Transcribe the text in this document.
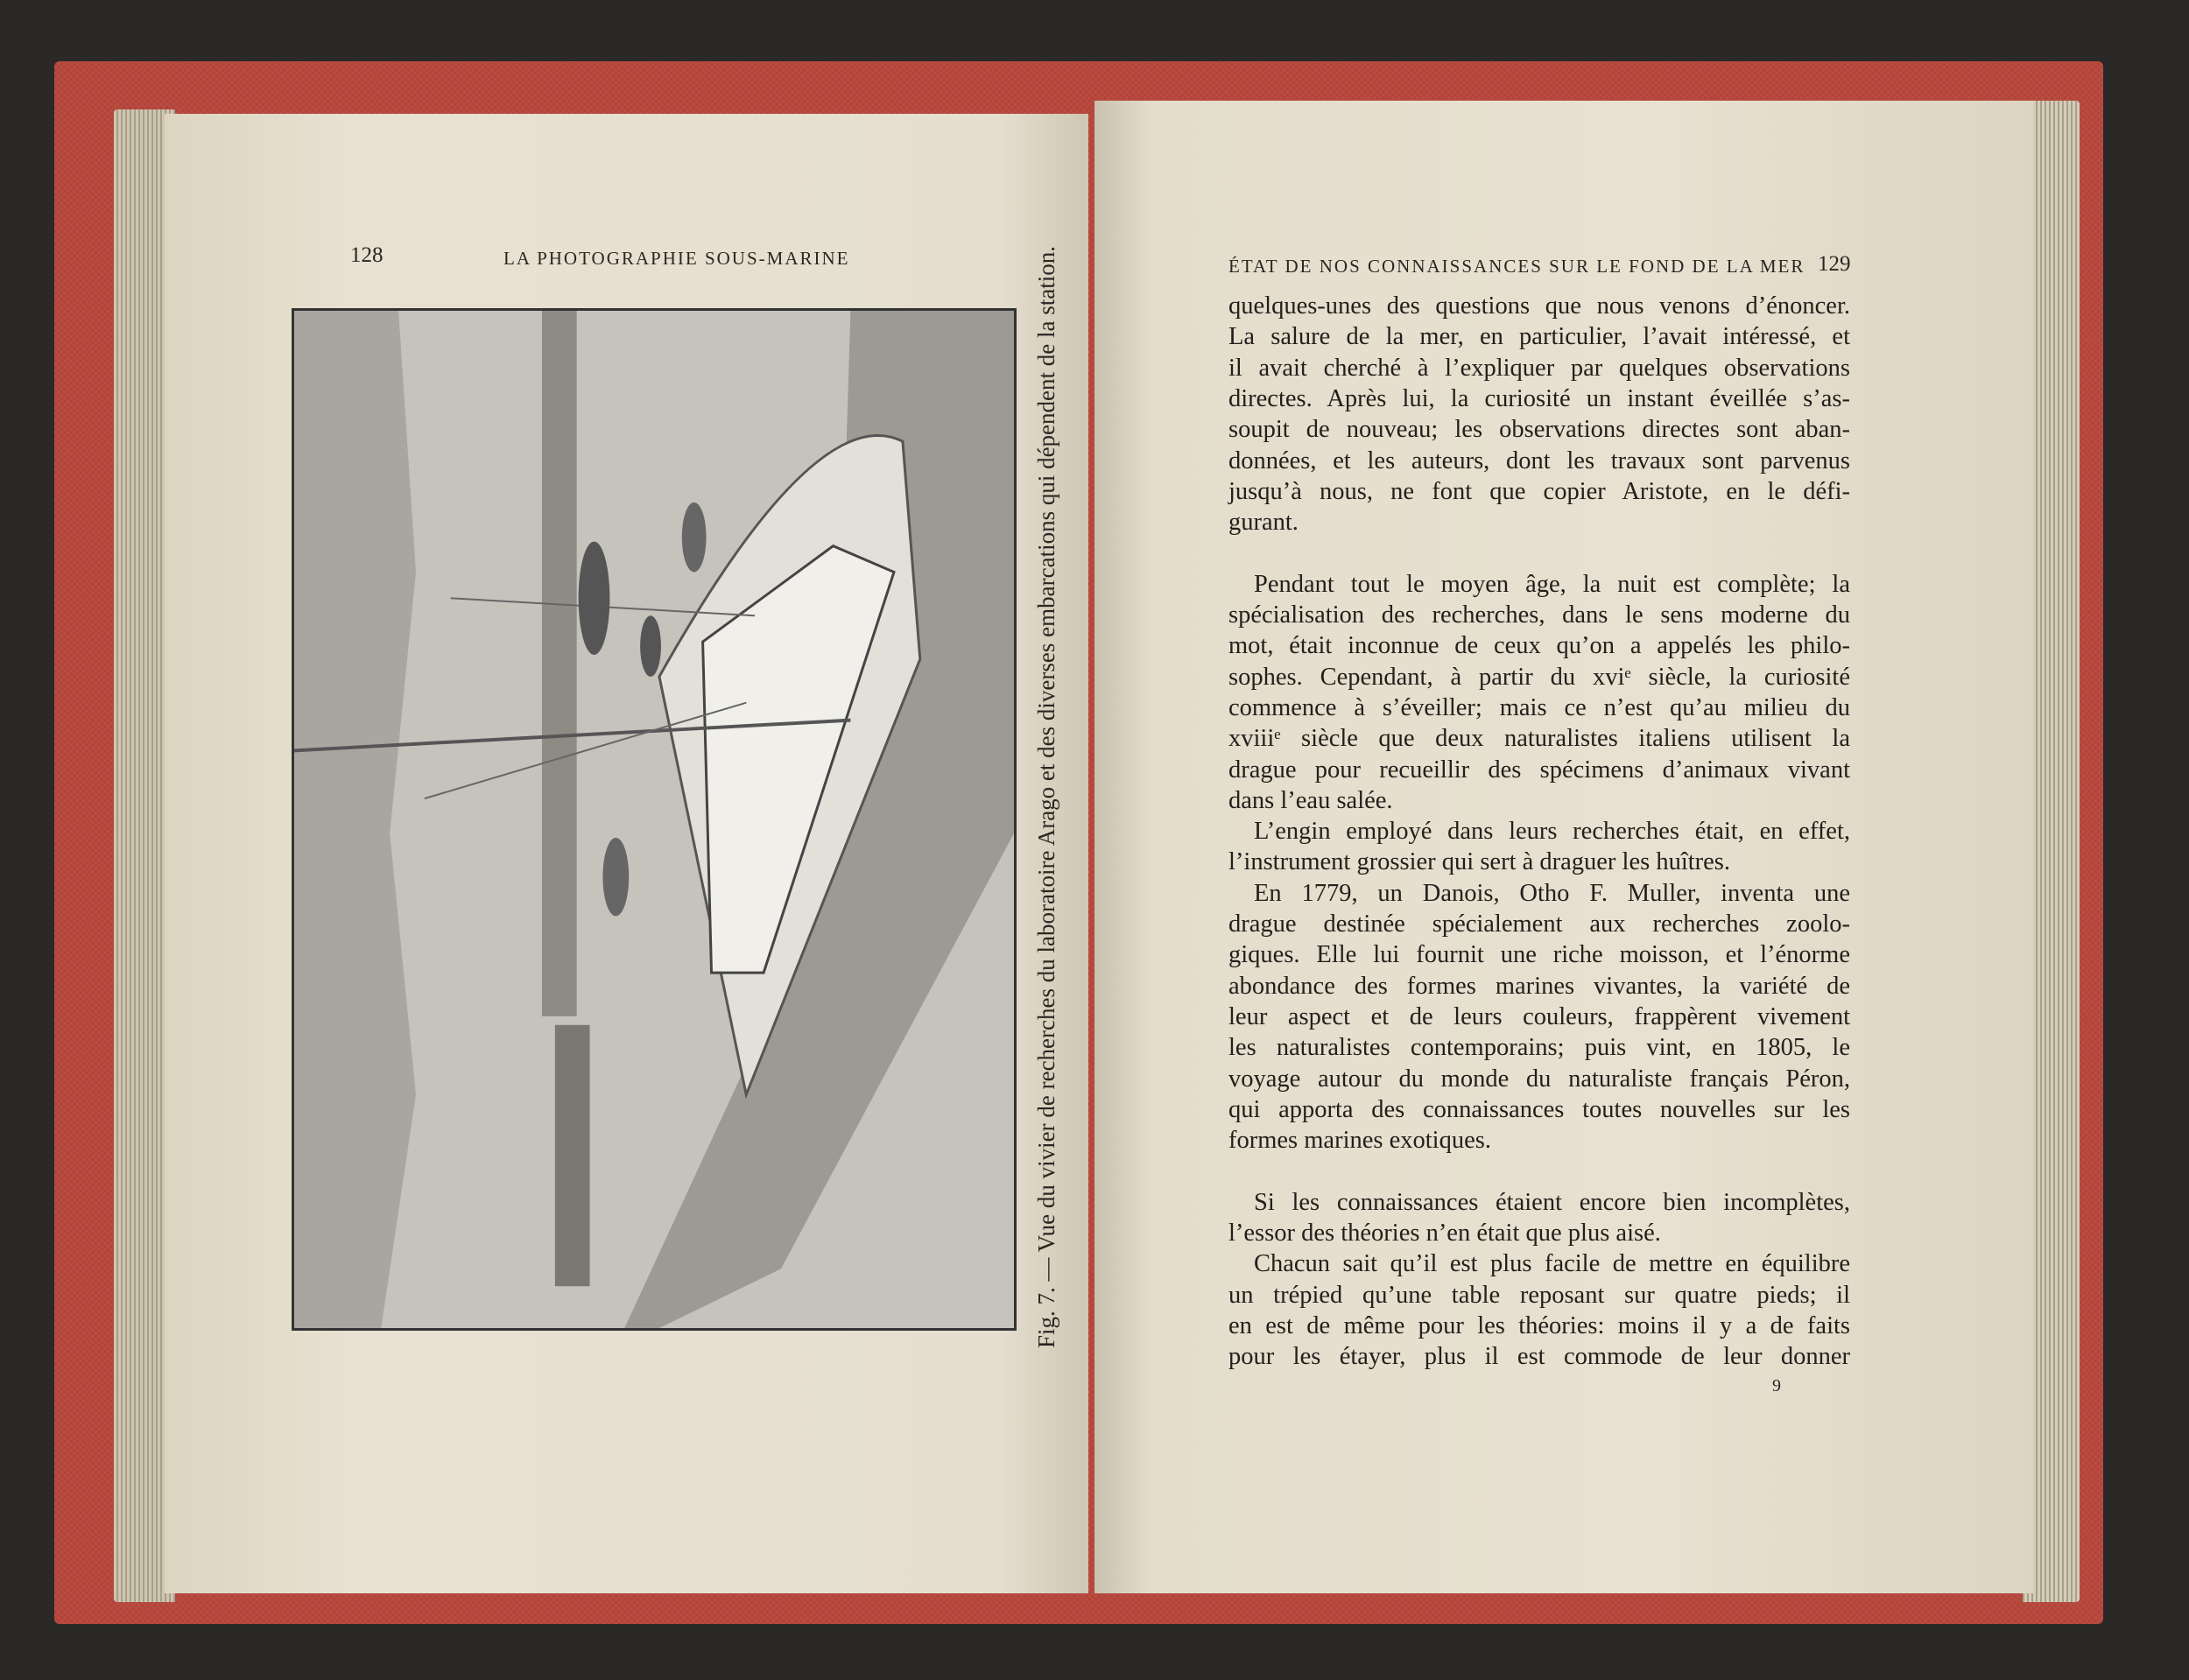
128	LA PHOTOGRAPHIE SOUS-MARINE	Fig. 7. — Vue du vivier de recherches du laboratoire Arago et des diverses embarcations qui dépendent de la station.	ÉTAT DE NOS CONNAISSANCES SUR LE FOND DE LA MER 129
quelques-unes des questions que nous venons d’énoncer.
La salure de la mer, en particulier, l’avait intéressé, et
il avait cherché à l’expliquer par quelques observations
directes. Après lui, la curiosité un instant éveillée s’as-
soupit de nouveau; les observations directes sont aban-
données, et les auteurs, dont les travaux sont parvenus
jusqu’à nous, ne font que copier Aristote, en le défi-
gurant.
Pendant tout le moyen âge, la nuit est complète; la
spécialisation des recherches, dans le sens moderne du
mot, était inconnue de ceux qu’on a appelés les philo-
sophes. Cependant, à partir du xviᵉ siècle, la curiosité
commence à s’éveiller; mais ce n’est qu’au milieu du
xviiiᵉ siècle que deux naturalistes italiens utilisent la
drague pour recueillir des spécimens d’animaux vivant
dans l’eau salée.
L’engin employé dans leurs recherches était, en effet,
l’instrument grossier qui sert à draguer les huîtres.
En 1779, un Danois, Otho F. Muller, inventa une
drague destinée spécialement aux recherches zoolo-
giques. Elle lui fournit une riche moisson, et l’énorme
abondance des formes marines vivantes, la variété de
leur aspect et de leurs couleurs, frappèrent vivement
les naturalistes contemporains; puis vint, en 1805, le
voyage autour du monde du naturaliste français Péron,
qui apporta des connaissances toutes nouvelles sur les
formes marines exotiques.
Si les connaissances étaient encore bien incomplètes,
l’essor des théories n’en était que plus aisé.
Chacun sait qu’il est plus facile de mettre en équilibre
un trépied qu’une table reposant sur quatre pieds; il
en est de même pour les théories: moins il y a de faits
pour les étayer, plus il est commode de leur donner
9
